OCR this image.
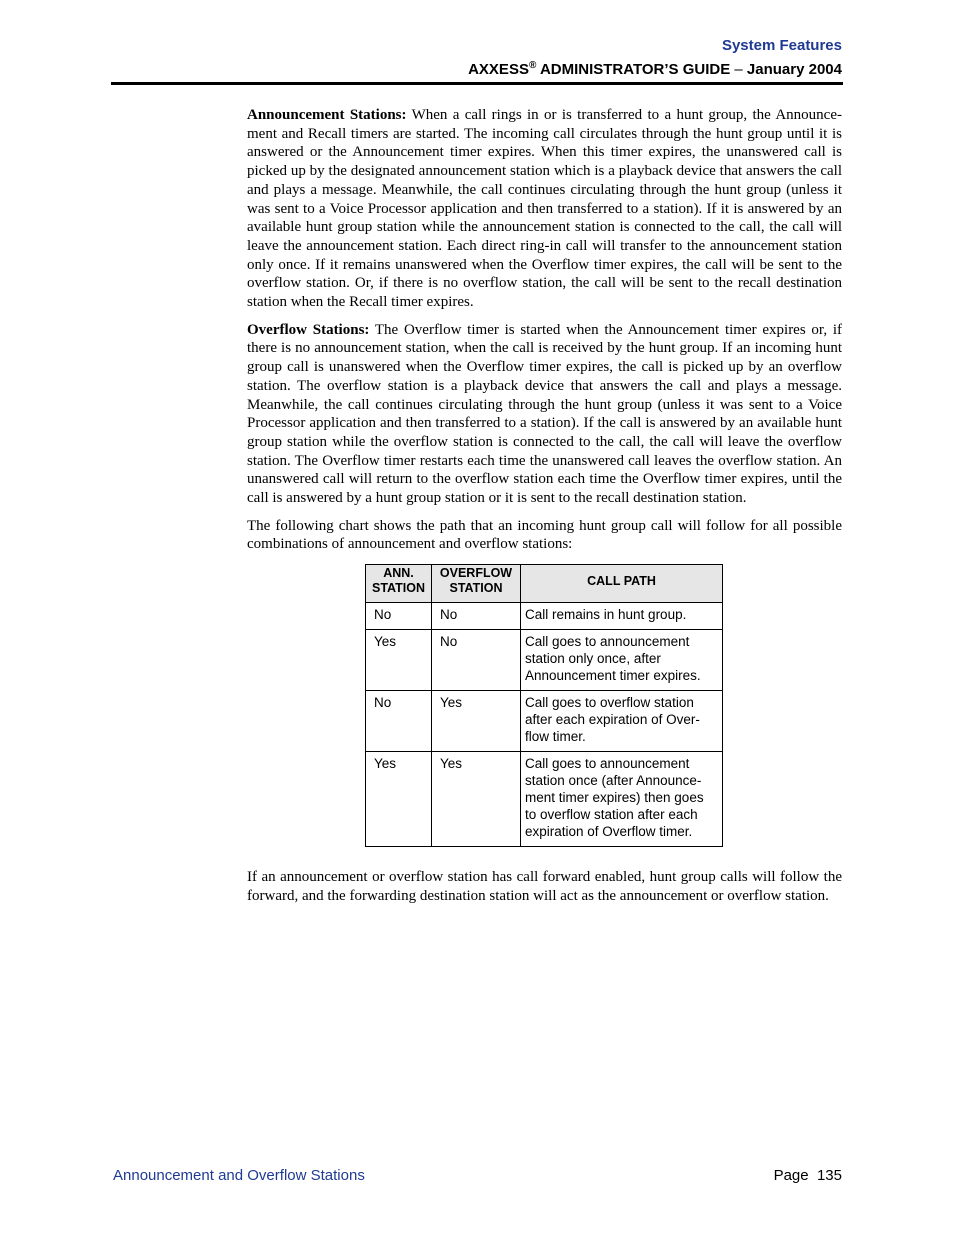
System Features
AXXESS® ADMINISTRATOR’S GUIDE – January 2004

Announcement Stations: When a call rings in or is transferred to a hunt group, the Announcement and Recall timers are started. The incoming call circulates through the hunt group until it is answered or the Announcement timer expires. When this timer expires, the unanswered call is picked up by the designated announcement station which is a playback device that answers the call and plays a message. Meanwhile, the call continues circulating through the hunt group (unless it was sent to a Voice Processor application and then transferred to a station). If it is answered by an available hunt group station while the announcement station is connected to the call, the call will leave the announcement station. Each direct ring-in call will transfer to the announcement station only once. If it remains unanswered when the Overflow timer expires, the call will be sent to the overflow station. Or, if there is no overflow station, the call will be sent to the recall destination station when the Recall timer expires.

Overflow Stations: The Overflow timer is started when the Announcement timer expires or, if there is no announcement station, when the call is received by the hunt group. If an incoming hunt group call is unanswered when the Overflow timer expires, the call is picked up by an overflow station. The overflow station is a playback device that answers the call and plays a message. Meanwhile, the call continues circulating through the hunt group (unless it was sent to a Voice Processor application and then transferred to a station). If the call is answered by an available hunt group station while the overflow station is connected to the call, the call will leave the overflow station. The Overflow timer restarts each time the unanswered call leaves the overflow station. An unanswered call will return to the overflow station each time the Overflow timer expires, until the call is answered by a hunt group station or it is sent to the recall destination station.

The following chart shows the path that an incoming hunt group call will follow for all possible combinations of announcement and overflow stations:

ANN. STATION	OVERFLOW STATION	CALL PATH
No	No	Call remains in hunt group.
Yes	No	Call goes to announcement station only once, after Announcement timer expires.
No	Yes	Call goes to overflow station after each expiration of Overflow timer.
Yes	Yes	Call goes to announcement station once (after Announcement timer expires) then goes to overflow station after each expiration of Overflow timer.

If an announcement or overflow station has call forward enabled, hunt group calls will follow the forward, and the forwarding destination station will act as the announcement or overflow station.

Announcement and Overflow Stations	Page 135
